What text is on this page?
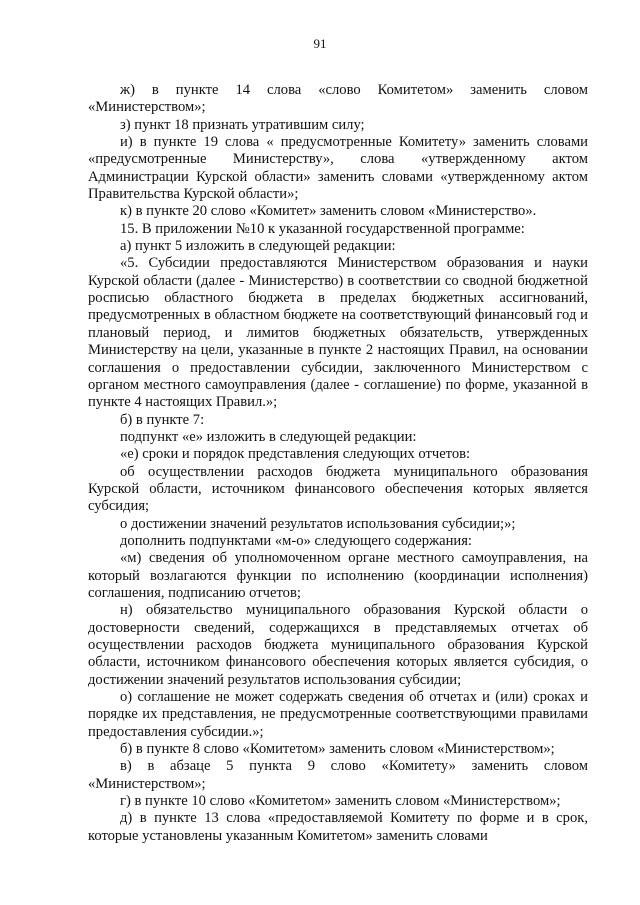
91

ж) в пункте 14 слова «слово Комитетом» заменить словом «Министерством»;

з) пункт 18 признать утратившим силу;

и) в пункте 19 слова « предусмотренные Комитету» заменить словами «предусмотренные Министерству», слова «утвержденному актом Администрации Курской области» заменить словами «утвержденному актом Правительства Курской области»;

к) в пункте 20 слово «Комитет» заменить словом «Министерство».

15. В приложении №10 к указанной государственной программе:

а) пункт 5 изложить в следующей редакции:

«5. Субсидии предоставляются Министерством образования и науки Курской области (далее - Министерство) в соответствии со сводной бюджетной росписью областного бюджета в пределах бюджетных ассигнований, предусмотренных в областном бюджете на соответствующий финансовый год и плановый период, и лимитов бюджетных обязательств, утвержденных Министерству на цели, указанные в пункте 2 настоящих Правил, на основании соглашения о предоставлении субсидии, заключенного Министерством с органом местного самоуправления (далее - соглашение) по форме, указанной в пункте 4 настоящих Правил.»;

б) в пункте 7:

подпункт «е» изложить в следующей редакции:

«е) сроки и порядок представления следующих отчетов:

об осуществлении расходов бюджета муниципального образования Курской области, источником финансового обеспечения которых является субсидия;

о достижении значений результатов использования субсидии;»;

дополнить подпунктами «м-о» следующего содержания:

«м) сведения об уполномоченном органе местного самоуправления, на который возлагаются функции по исполнению (координации исполнения) соглашения, подписанию отчетов;

н) обязательство муниципального образования Курской области о достоверности сведений, содержащихся в представляемых отчетах об осуществлении расходов бюджета муниципального образования Курской области, источником финансового обеспечения которых является субсидия, о достижении значений результатов использования субсидии;

о) соглашение не может содержать сведения об отчетах и (или) сроках и порядке их представления, не предусмотренные соответствующими правилами предоставления субсидии.»;

б) в пункте 8 слово «Комитетом» заменить словом «Министерством»;

в) в абзаце 5 пункта 9 слово «Комитету» заменить словом «Министерством»;

г) в пункте 10 слово «Комитетом» заменить словом «Министерством»;

д) в пункте 13 слова «предоставляемой Комитету по форме и в срок, которые установлены указанным Комитетом» заменить словами
